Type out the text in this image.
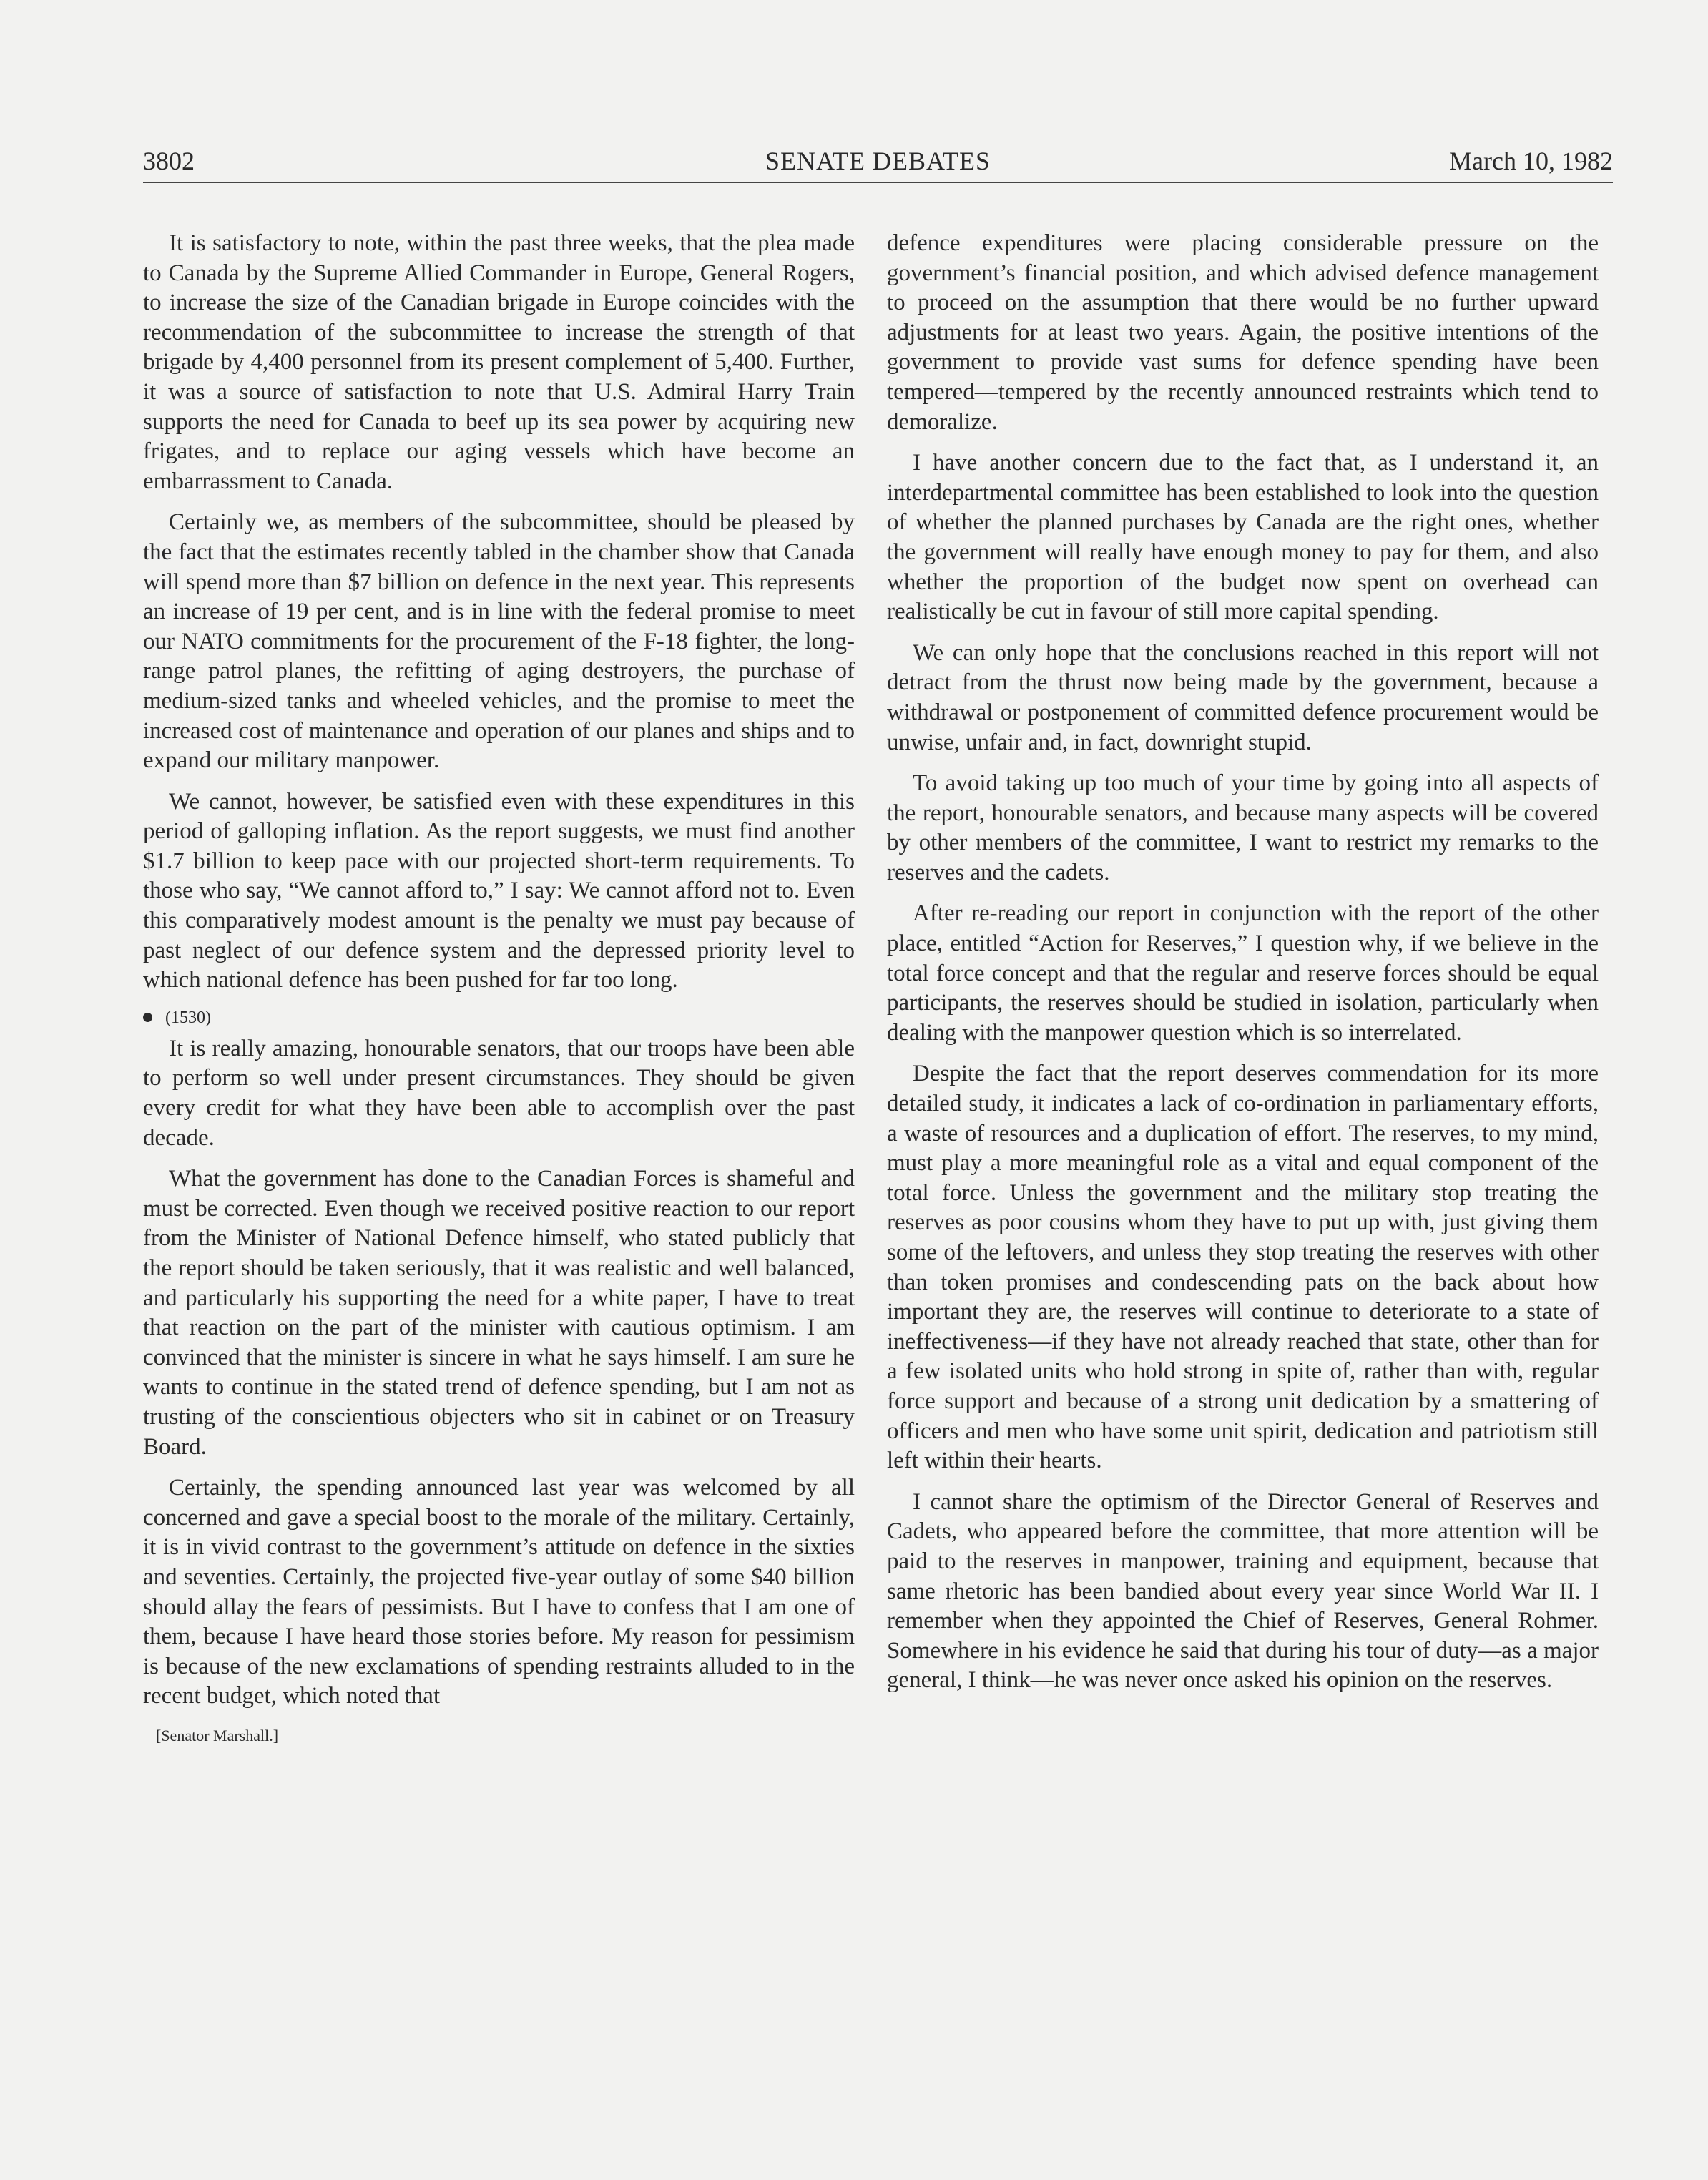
3802	SENATE DEBATES	March 10, 1982

It is satisfactory to note, within the past three weeks, that the plea made to Canada by the Supreme Allied Commander in Europe, General Rogers, to increase the size of the Canadian brigade in Europe coincides with the recommendation of the subcommittee to increase the strength of that brigade by 4,400 personnel from its present complement of 5,400. Further, it was a source of satisfaction to note that U.S. Admiral Harry Train supports the need for Canada to beef up its sea power by acquiring new frigates, and to replace our aging vessels which have become an embarrassment to Canada.

Certainly we, as members of the subcommittee, should be pleased by the fact that the estimates recently tabled in the chamber show that Canada will spend more than $7 billion on defence in the next year. This represents an increase of 19 per cent, and is in line with the federal promise to meet our NATO commitments for the procurement of the F-18 fighter, the long-range patrol planes, the refitting of aging destroyers, the purchase of medium-sized tanks and wheeled vehicles, and the promise to meet the increased cost of maintenance and operation of our planes and ships and to expand our military manpower.

We cannot, however, be satisfied even with these expenditures in this period of galloping inflation. As the report suggests, we must find another $1.7 billion to keep pace with our projected short-term requirements. To those who say, “We cannot afford to,” I say: We cannot afford not to. Even this comparatively modest amount is the penalty we must pay because of past neglect of our defence system and the depressed priority level to which national defence has been pushed for far too long.

(1530)

It is really amazing, honourable senators, that our troops have been able to perform so well under present circumstances. They should be given every credit for what they have been able to accomplish over the past decade.

What the government has done to the Canadian Forces is shameful and must be corrected. Even though we received positive reaction to our report from the Minister of National Defence himself, who stated publicly that the report should be taken seriously, that it was realistic and well balanced, and particularly his supporting the need for a white paper, I have to treat that reaction on the part of the minister with cautious optimism. I am convinced that the minister is sincere in what he says himself. I am sure he wants to continue in the stated trend of defence spending, but I am not as trusting of the conscientious objecters who sit in cabinet or on Treasury Board.

Certainly, the spending announced last year was welcomed by all concerned and gave a special boost to the morale of the military. Certainly, it is in vivid contrast to the government’s attitude on defence in the sixties and seventies. Certainly, the projected five-year outlay of some $40 billion should allay the fears of pessimists. But I have to confess that I am one of them, because I have heard those stories before. My reason for pessimism is because of the new exclamations of spending restraints alluded to in the recent budget, which noted that

[Senator Marshall.]

defence expenditures were placing considerable pressure on the government’s financial position, and which advised defence management to proceed on the assumption that there would be no further upward adjustments for at least two years. Again, the positive intentions of the government to provide vast sums for defence spending have been tempered—tempered by the recently announced restraints which tend to demoralize.

I have another concern due to the fact that, as I understand it, an interdepartmental committee has been established to look into the question of whether the planned purchases by Canada are the right ones, whether the government will really have enough money to pay for them, and also whether the proportion of the budget now spent on overhead can realistically be cut in favour of still more capital spending.

We can only hope that the conclusions reached in this report will not detract from the thrust now being made by the government, because a withdrawal or postponement of committed defence procurement would be unwise, unfair and, in fact, downright stupid.

To avoid taking up too much of your time by going into all aspects of the report, honourable senators, and because many aspects will be covered by other members of the committee, I want to restrict my remarks to the reserves and the cadets.

After re-reading our report in conjunction with the report of the other place, entitled “Action for Reserves,” I question why, if we believe in the total force concept and that the regular and reserve forces should be equal participants, the reserves should be studied in isolation, particularly when dealing with the manpower question which is so interrelated.

Despite the fact that the report deserves commendation for its more detailed study, it indicates a lack of co-ordination in parliamentary efforts, a waste of resources and a duplication of effort. The reserves, to my mind, must play a more meaningful role as a vital and equal component of the total force. Unless the government and the military stop treating the reserves as poor cousins whom they have to put up with, just giving them some of the leftovers, and unless they stop treating the reserves with other than token promises and condescending pats on the back about how important they are, the reserves will continue to deteriorate to a state of ineffectiveness—if they have not already reached that state, other than for a few isolated units who hold strong in spite of, rather than with, regular force support and because of a strong unit dedication by a smattering of officers and men who have some unit spirit, dedication and patriotism still left within their hearts.

I cannot share the optimism of the Director General of Reserves and Cadets, who appeared before the committee, that more attention will be paid to the reserves in manpower, training and equipment, because that same rhetoric has been bandied about every year since World War II. I remember when they appointed the Chief of Reserves, General Rohmer. Somewhere in his evidence he said that during his tour of duty—as a major general, I think—he was never once asked his opinion on the reserves.
